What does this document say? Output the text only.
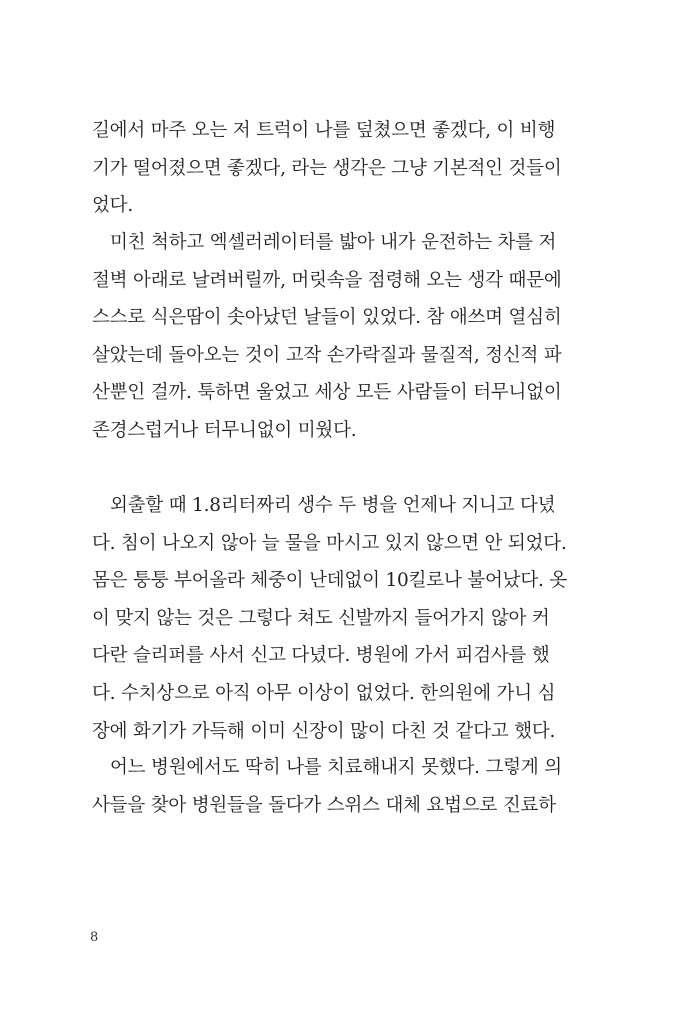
길에서 마주 오는 저 트럭이 나를 덮쳤으면 좋겠다, 이 비행
기가 떨어졌으면 좋겠다, 라는 생각은 그냥 기본적인 것들이
었다.
미친 척하고 엑셀러레이터를 밟아 내가 운전하는 차를 저
절벽 아래로 날려버릴까, 머릿속을 점령해 오는 생각 때문에
스스로 식은땀이 솟아났던 날들이 있었다. 참 애쓰며 열심히
살았는데 돌아오는 것이 고작 손가락질과 물질적, 정신적 파
산뿐인 걸까. 툭하면 울었고 세상 모든 사람들이 터무니없이
존경스럽거나 터무니없이 미웠다.
외출할 때 1.8리터짜리 생수 두 병을 언제나 지니고 다녔
다. 침이 나오지 않아 늘 물을 마시고 있지 않으면 안 되었다.
몸은 퉁퉁 부어올라 체중이 난데없이 10킬로나 불어났다. 옷
이 맞지 않는 것은 그렇다 쳐도 신발까지 들어가지 않아 커
다란 슬리퍼를 사서 신고 다녔다. 병원에 가서 피검사를 했
다. 수치상으로 아직 아무 이상이 없었다. 한의원에 가니 심
장에 화기가 가득해 이미 신장이 많이 다친 것 같다고 했다.
어느 병원에서도 딱히 나를 치료해내지 못했다. 그렇게 의
사들을 찾아 병원들을 돌다가 스위스 대체 요법으로 진료하
8
